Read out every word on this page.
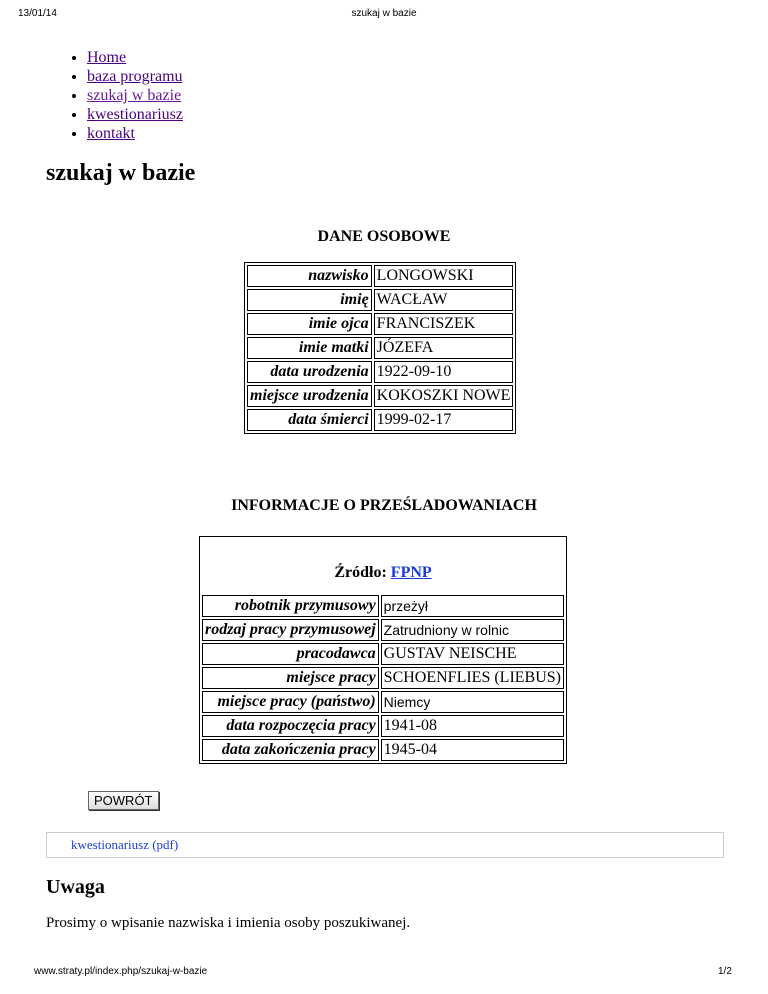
13/01/14	szukaj w bazie
• Home
• baza programu
• szukaj w bazie
• kwestionariusz
• kontakt
szukaj w bazie
DANE OSOBOWE
nazwisko	LONGOWSKI
imię	WACŁAW
imie ojca	FRANCISZEK
imie matki	JÓZEFA
data urodzenia	1922-09-10
miejsce urodzenia	KOKOSZKI NOWE
data śmierci	1999-02-17
INFORMACJE O PRZEŚLADOWANIACH
Źródło: FPNP	
robotnik przymusowy	przeżył
rodzaj pracy przymusowej	Zatrudniony w rolnic
pracodawca	GUSTAV NEISCHE
miejsce pracy	SCHOENFLIES (LIEBUS)
miejsce pracy (państwo)	Niemcy
data rozpoczęcia pracy	1941-08
data zakończenia pracy	1945-04
POWRÓT
kwestionariusz (pdf)
Uwaga
Prosimy o wpisanie nazwiska i imienia osoby poszukiwanej.
www.straty.pl/index.php/szukaj-w-bazie	1/2
